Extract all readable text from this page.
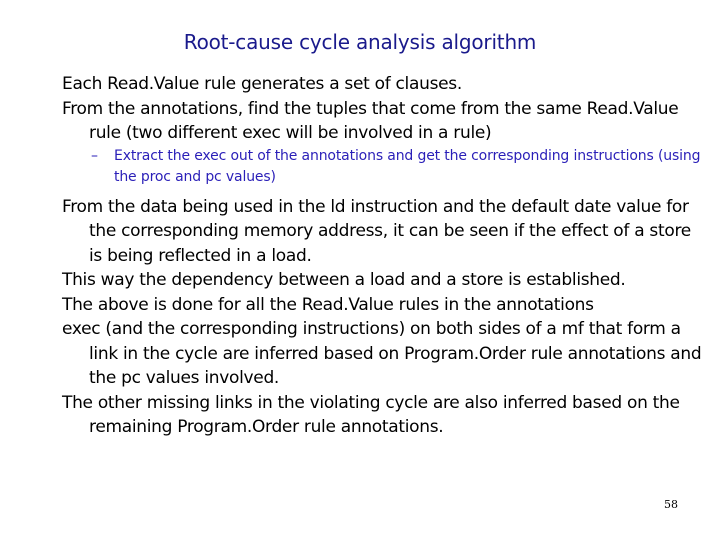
Root-cause cycle analysis algorithm

Each Read.Value rule generates a set of clauses.

From the annotations, find the tuples that come from the same Read.Value rule (two different exec will be involved in a rule)

– Extract the exec out of the annotations and get the corresponding instructions (using the proc and pc values)

From the data being used in the ld instruction and the default date value for the corresponding memory address, it can be seen if the effect of a store is being reflected in a load.

This way the dependency between a load and a store is established.

The above is done for all the Read.Value rules in the annotations

exec (and the corresponding instructions) on both sides of a mf that form a link in the cycle are inferred based on Program.Order rule annotations and the pc values involved.

The other missing links in the violating cycle are also inferred based on the remaining Program.Order rule annotations.

58
